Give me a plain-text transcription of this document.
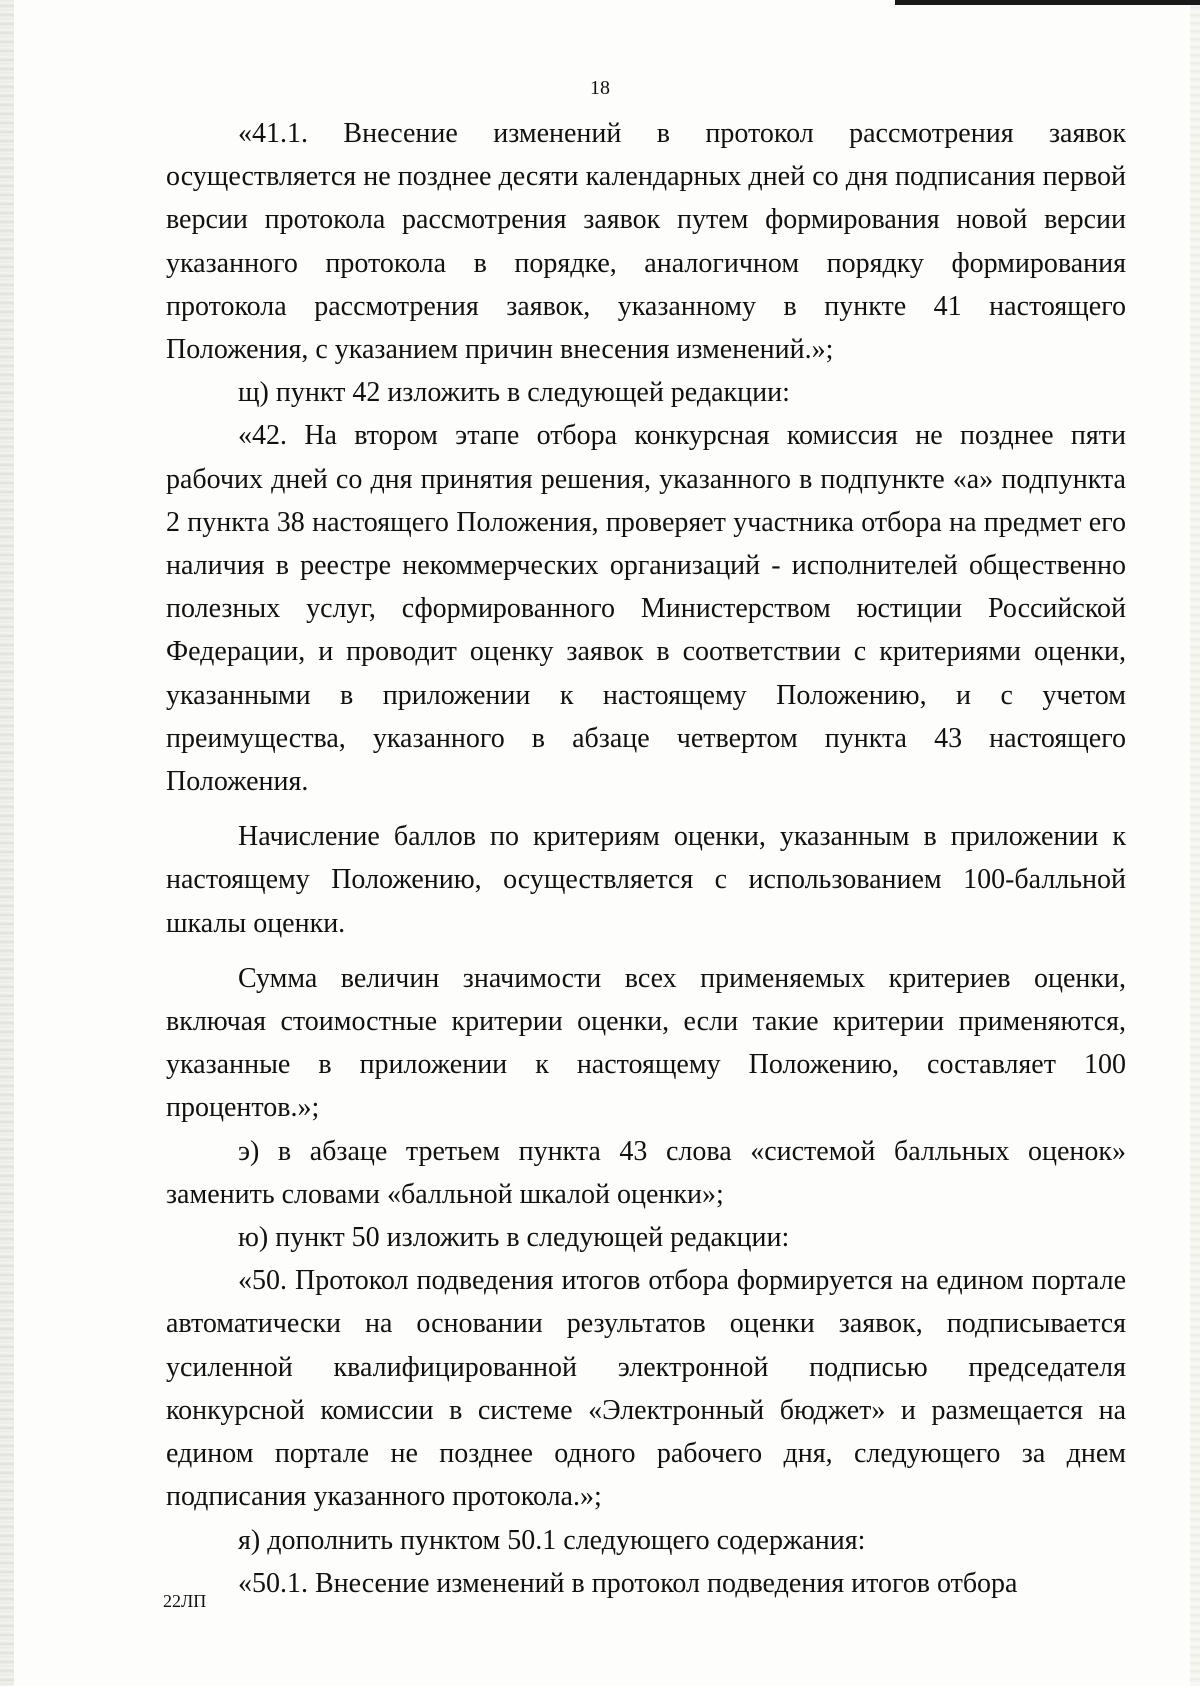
18

«41.1. Внесение изменений в протокол рассмотрения заявок осуществляется не позднее десяти календарных дней со дня подписания первой версии протокола рассмотрения заявок путем формирования новой версии указанного протокола в порядке, аналогичном порядку формирования протокола рассмотрения заявок, указанному в пункте 41 настоящего Положения, с указанием причин внесения изменений.»;

щ) пункт 42 изложить в следующей редакции:

«42. На втором этапе отбора конкурсная комиссия не позднее пяти рабочих дней со дня принятия решения, указанного в подпункте «а» подпункта 2 пункта 38 настоящего Положения, проверяет участника отбора на предмет его наличия в реестре некоммерческих организаций - исполнителей общественно полезных услуг, сформированного Министерством юстиции Российской Федерации, и проводит оценку заявок в соответствии с критериями оценки, указанными в приложении к настоящему Положению, и с учетом преимущества, указанного в абзаце четвертом пункта 43 настоящего Положения.

Начисление баллов по критериям оценки, указанным в приложении к настоящему Положению, осуществляется с использованием 100-балльной шкалы оценки.

Сумма величин значимости всех применяемых критериев оценки, включая стоимостные критерии оценки, если такие критерии применяются, указанные в приложении к настоящему Положению, составляет 100 процентов.»;

э) в абзаце третьем пункта 43 слова «системой балльных оценок» заменить словами «балльной шкалой оценки»;

ю) пункт 50 изложить в следующей редакции:

«50. Протокол подведения итогов отбора формируется на едином портале автоматически на основании результатов оценки заявок, подписывается усиленной квалифицированной электронной подписью председателя конкурсной комиссии в системе «Электронный бюджет» и размещается на едином портале не позднее одного рабочего дня, следующего за днем подписания указанного протокола.»;

я) дополнить пунктом 50.1 следующего содержания:

«50.1. Внесение изменений в протокол подведения итогов отбора

22ЛП
